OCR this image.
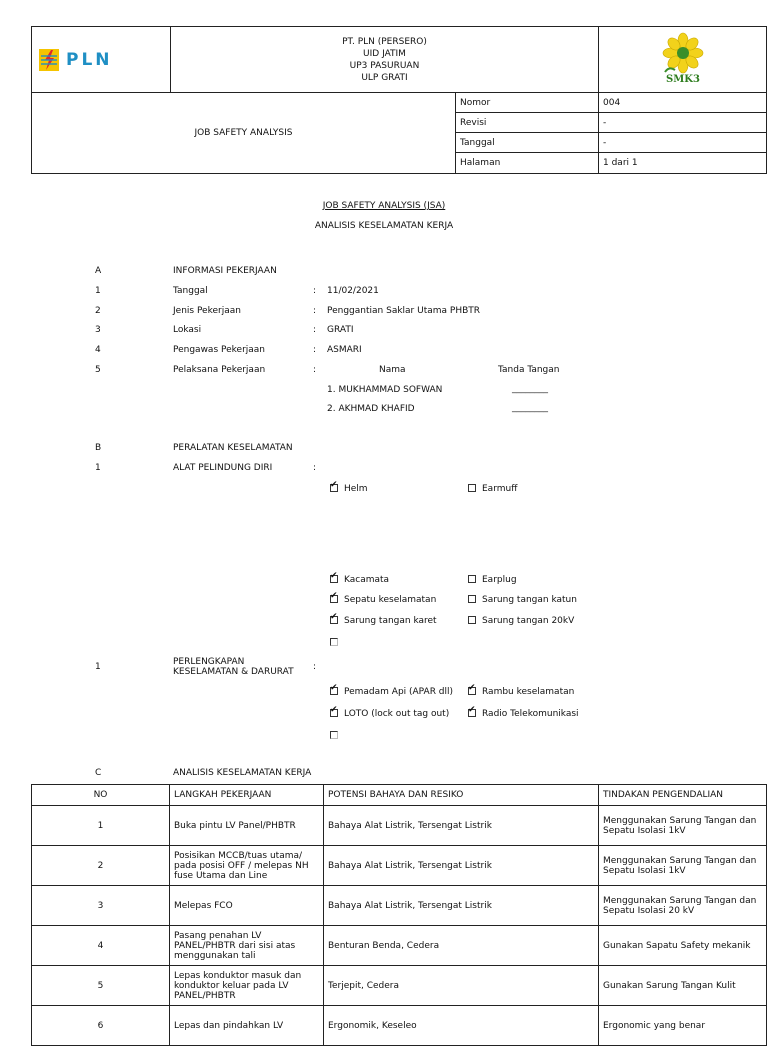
PLN	PT. PLN (PERSERO)
UID JATIM
UP3 PASURUAN
ULP GRATI		SMK3

JOB SAFETY ANALYSIS		Nomor	004
		Revisi	-
		Tanggal	-
		Halaman	1 dari 1
JOB SAFETY ANALYSIS (JSA)
ANALISIS KESELAMATAN KERJA
A	INFORMASI PEKERJAAN
1	Tanggal	: 11/02/2021
2	Jenis Pekerjaan	: Penggantian Saklar Utama PHBTR
3	Lokasi	: GRATI
4	Pengawas Pekerjaan	: ASMARI
5	Pelaksana Pekerjaan	:	Nama	Tanda Tangan
1. MUKHAMMAD SOFWAN	________
2. AKHMAD KHAFID	________
B	PERALATAN KESELAMATAN
1	ALAT PELINDUNG DIRI	:
✔Helm	Earmuff
✔Kacamata	Earplug
✔Sepatu keselamatan	Sarung tangan katun
✔Sarung tangan karet	Sarung tangan 20kV
1	PERLENGKAPAN
KESELAMATAN & DARURAT :
✔Pemadam Api (APAR dll) ✔	Rambu keselamatan
✔LOTO (lock out tag out) ✔	Radio Telekomunikasi
C	ANALISIS KESELAMATAN KERJA
NO	LANGKAH PEKERJAAN	POTENSI BAHAYA DAN RESIKO	TINDAKAN PENGENDALIAN
1	Buka pintu LV Panel/PHBTR	Bahaya Alat Listrik, Tersengat Listrik	Menggunakan Sarung Tangan dan Sepatu Isolasi 1kV
2	Posisikan MCCB/tuas utama/ pada posisi OFF / melepas NH fuse Utama dan Line	Bahaya Alat Listrik, Tersengat Listrik	Menggunakan Sarung Tangan dan Sepatu Isolasi 1kV
3	Melepas FCO	Bahaya Alat Listrik, Tersengat Listrik	Menggunakan Sarung Tangan dan Sepatu Isolasi 20 kV
4	Pasang penahan LV PANEL/PHBTR dari sisi atas menggunakan tali	Benturan Benda, Cedera	Gunakan Sapatu Safety mekanik
5	Lepas konduktor masuk dan konduktor keluar pada LV PANEL/PHBTR	Terjepit, Cedera	Gunakan Sarung Tangan Kulit
6	Lepas dan pindahkan LV	Ergonomik, Keseleo	Ergonomic yang benar
